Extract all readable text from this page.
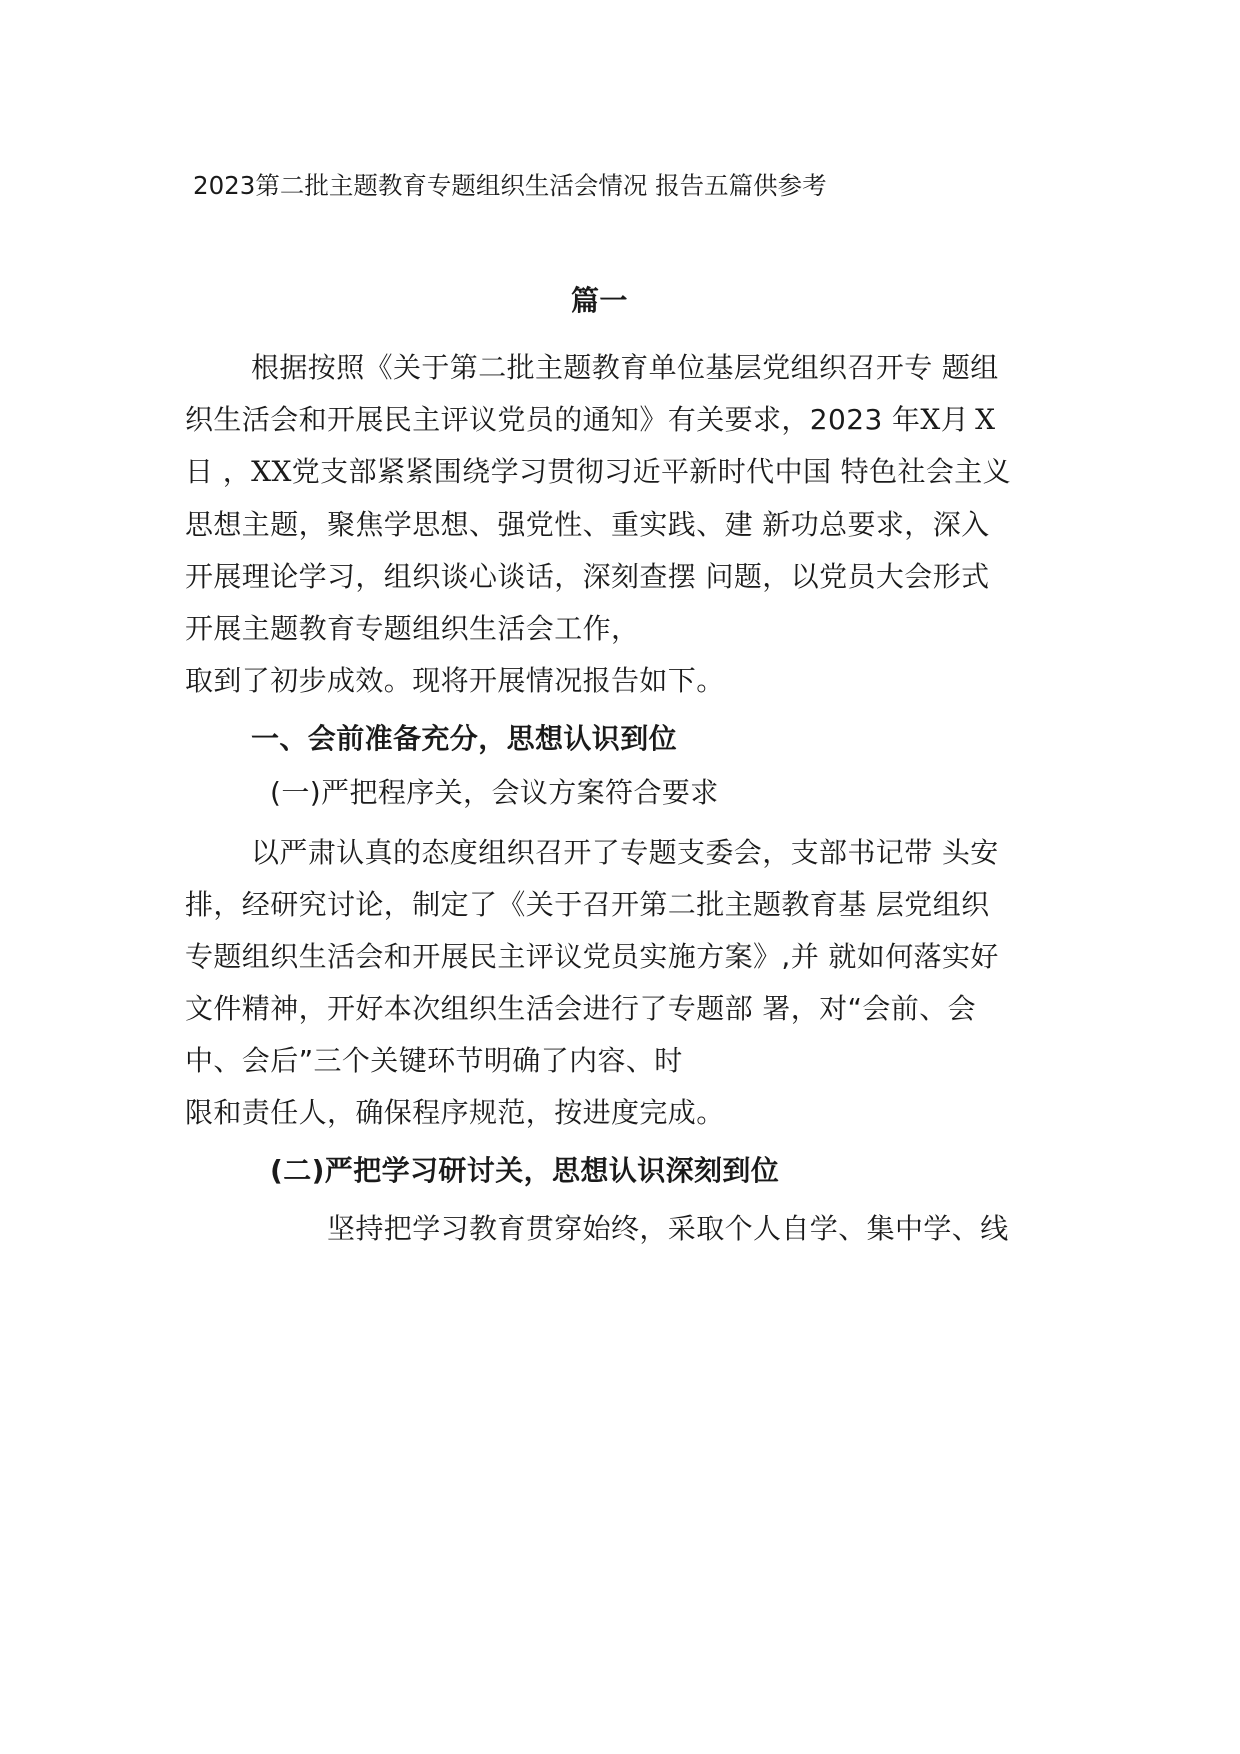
2023第二批主题教育专题组织生活会情况 报告五篇供参考
篇一
根据按照《关于第二批主题教育单位基层党组织召开专 题组
织生活会和开展民主评议党员的通知》有关要求，2023 年X月  X
日 ，XX党支部紧紧围绕学习贯彻习近平新时代中国 特色社会主义
思想主题，聚焦学思想、强党性、重实践、建 新功总要求，深入
开展理论学习，组织谈心谈话，深刻查摆 问题，以党员大会形式
开展主题教育专题组织生活会工作，
取到了初步成效。现将开展情况报告如下。
一、会前准备充分，思想认识到位
(一)严把程序关，会议方案符合要求
以严肃认真的态度组织召开了专题支委会，支部书记带 头安
排，经研究讨论，制定了《关于召开第二批主题教育基 层党组织
专题组织生活会和开展民主评议党员实施方案》,并 就如何落实好
文件精神，开好本次组织生活会进行了专题部 署，对“会前、会
中、会后”三个关键环节明确了内容、时
限和责任人，确保程序规范，按进度完成。
(二)严把学习研讨关，思想认识深刻到位
坚持把学习教育贯穿始终，采取个人自学、集中学、线
